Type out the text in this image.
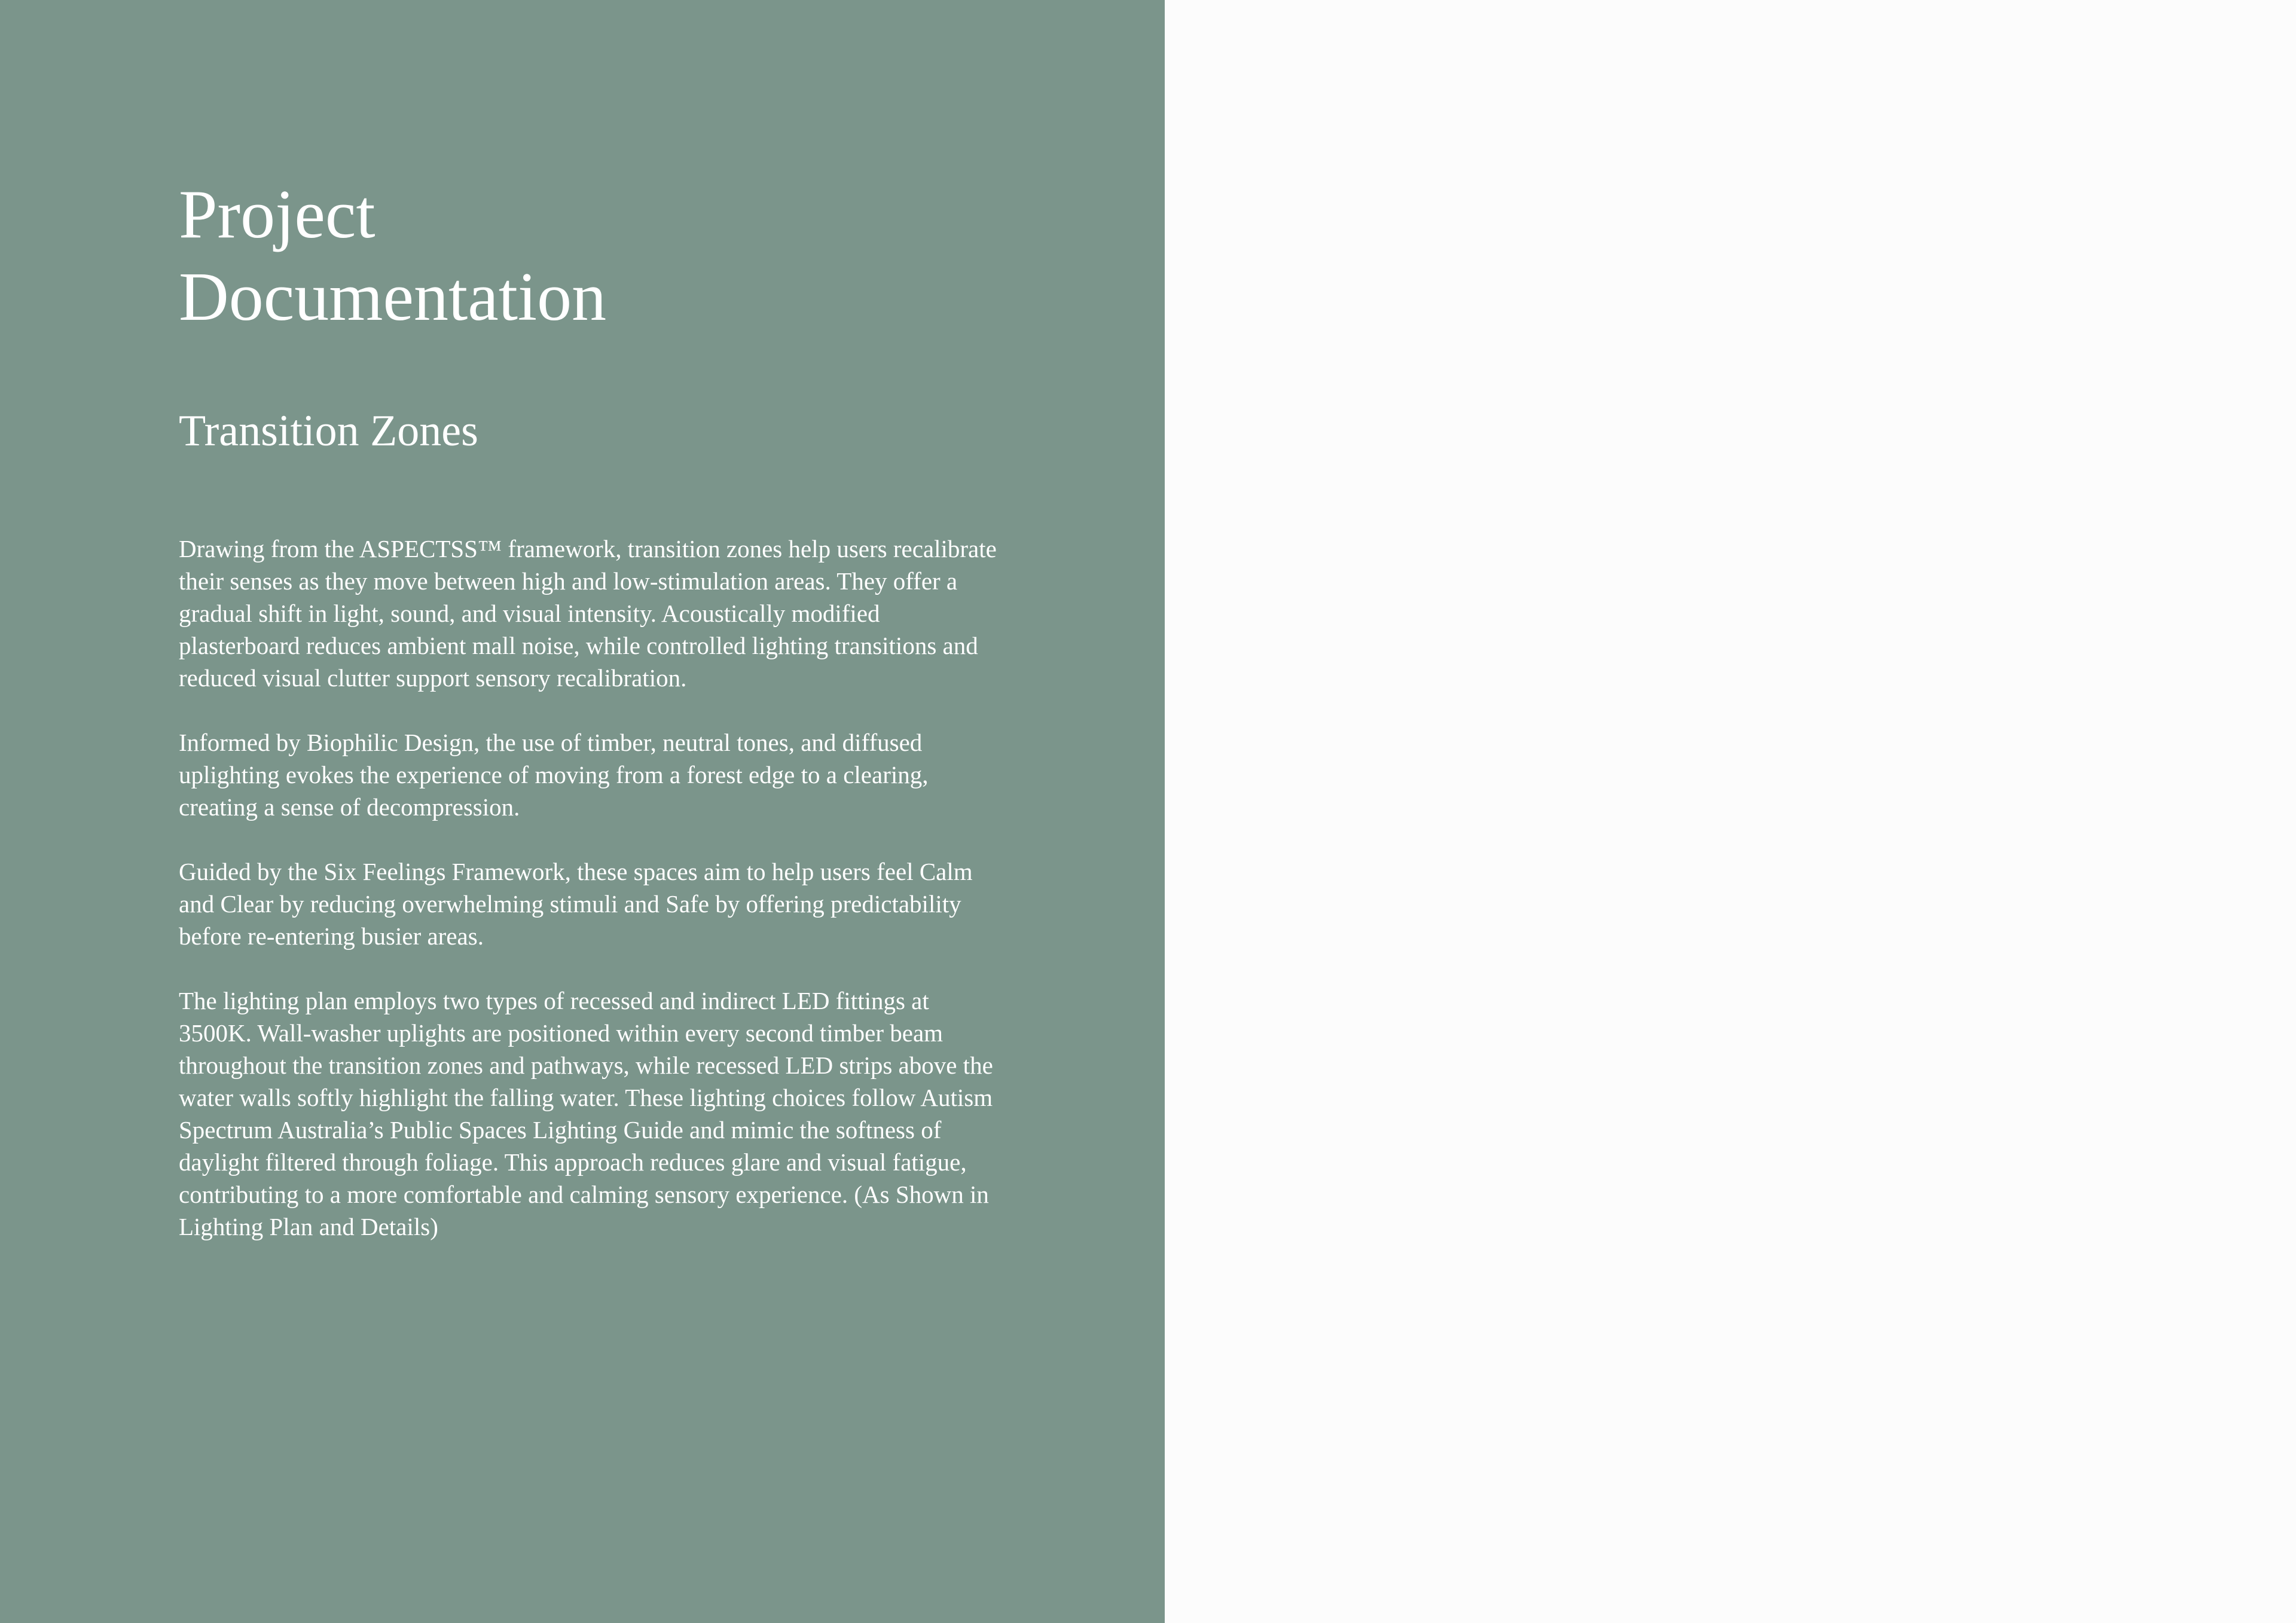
Project
Documentation
Transition Zones

Drawing from the ASPECTSS™ framework, transition zones help users recalibrate their senses as they move between high and low-stimulation areas. They offer a gradual shift in light, sound, and visual intensity. Acoustically modified plasterboard reduces ambient mall noise, while controlled lighting transitions and reduced visual clutter support sensory recalibration.

Informed by Biophilic Design, the use of timber, neutral tones, and diffused uplighting evokes the experience of moving from a forest edge to a clearing, creating a sense of decompression.

Guided by the Six Feelings Framework, these spaces aim to help users feel Calm and Clear by reducing overwhelming stimuli and Safe by offering predictability before re-entering busier areas.

The lighting plan employs two types of recessed and indirect LED fittings at 3500K. Wall-washer uplights are positioned within every second timber beam throughout the transition zones and pathways, while recessed LED strips above the water walls softly highlight the falling water. These lighting choices follow Autism Spectrum Australia’s Public Spaces Lighting Guide and mimic the softness of daylight filtered through foliage. This approach reduces glare and visual fatigue, contributing to a more comfortable and calming sensory experience. (As Shown in Lighting Plan and Details)
